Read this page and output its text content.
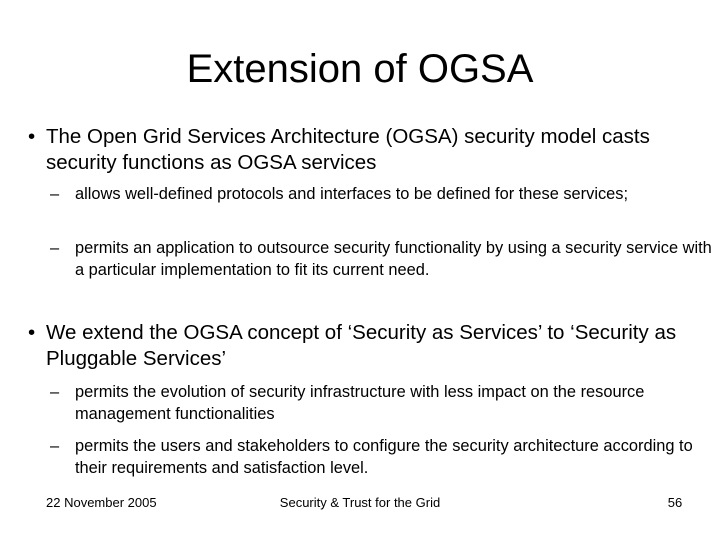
Extension of OGSA
• The Open Grid Services Architecture (OGSA) security model casts security functions as OGSA services
– allows well-defined protocols and interfaces to be defined for these services;
– permits an application to outsource security functionality by using a security service with a particular implementation to fit its current need.
• We extend the OGSA concept of ‘Security as Services’ to ‘Security as Pluggable Services’
– permits the evolution of security infrastructure with less impact on the resource management functionalities
– permits the users and stakeholders to configure the security architecture according to their requirements and satisfaction level.
22 November 2005	Security & Trust for the Grid	56
